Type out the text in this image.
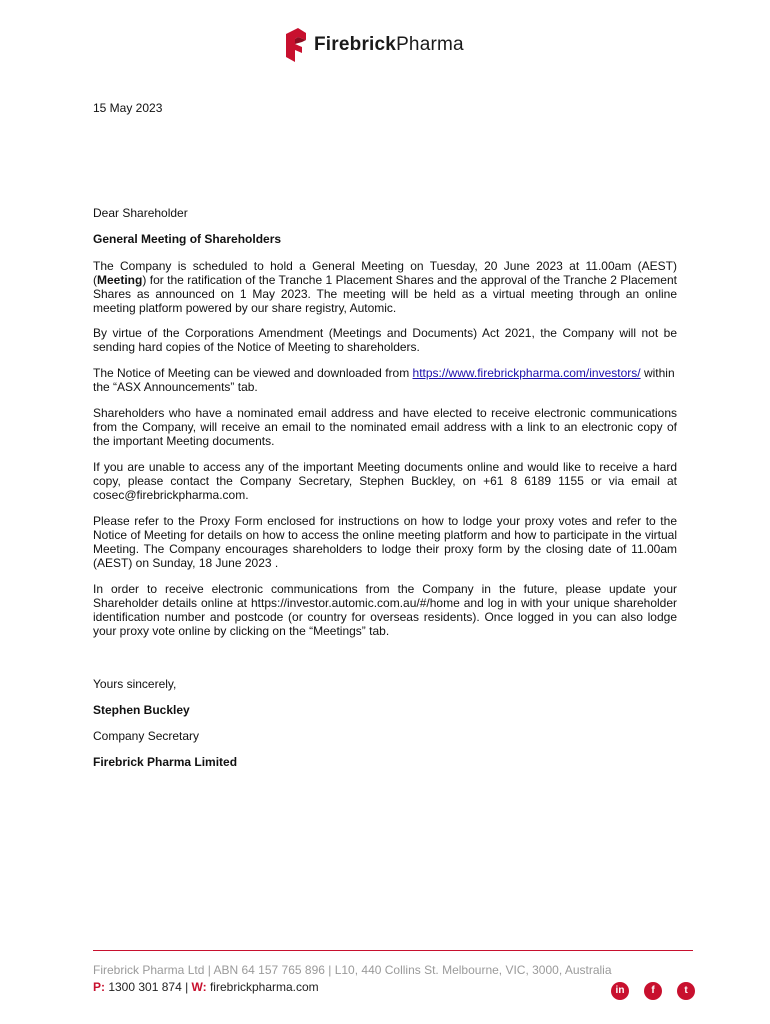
FirebrickPharma
15 May 2023
Dear Shareholder
General Meeting of Shareholders
The Company is scheduled to hold a General Meeting on Tuesday, 20 June 2023 at 11.00am (AEST) (Meeting) for the ratification of the Tranche 1 Placement Shares and the approval of the Tranche 2 Placement Shares as announced on 1 May 2023. The meeting will be held as a virtual meeting through an online meeting platform powered by our share registry, Automic.
By virtue of the Corporations Amendment (Meetings and Documents) Act 2021, the Company will not be sending hard copies of the Notice of Meeting to shareholders.
The Notice of Meeting can be viewed and downloaded from https://www.firebrickpharma.com/investors/ within the “ASX Announcements” tab.
Shareholders who have a nominated email address and have elected to receive electronic communications from the Company, will receive an email to the nominated email address with a link to an electronic copy of the important Meeting documents.
If you are unable to access any of the important Meeting documents online and would like to receive a hard copy, please contact the Company Secretary, Stephen Buckley, on +61 8 6189 1155 or via email at cosec@firebrickpharma.com.
Please refer to the Proxy Form enclosed for instructions on how to lodge your proxy votes and refer to the Notice of Meeting for details on how to access the online meeting platform and how to participate in the virtual Meeting. The Company encourages shareholders to lodge their proxy form by the closing date of 11.00am (AEST) on Sunday, 18 June 2023 .
In order to receive electronic communications from the Company in the future, please update your Shareholder details online at https://investor.automic.com.au/#/home and log in with your unique shareholder identification number and postcode (or country for overseas residents). Once logged in you can also lodge your proxy vote online by clicking on the “Meetings” tab.
Yours sincerely,
Stephen Buckley
Company Secretary
Firebrick Pharma Limited
Firebrick Pharma Ltd | ABN 64 157 765 896 | L10, 440 Collins St. Melbourne, VIC, 3000, Australia
P: 1300 301 874 | W: firebrickpharma.com	in	f	t
